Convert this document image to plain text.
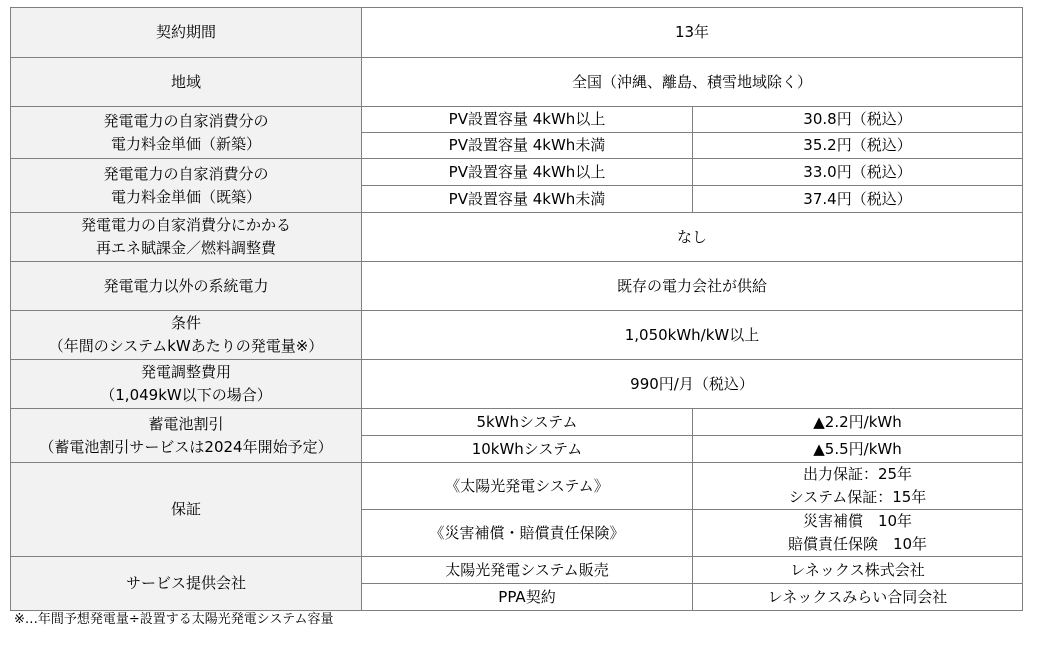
契約期間	13年	
地域	全国（沖縄、離島、積雪地域除く）	

発電電力の自家消費分の
電力料金単価（新築）	PV設置容量 4kWh以上	30.8円（税込）
	PV設置容量 4kWh未満	35.2円（税込）

発電電力の自家消費分の
電力料金単価（既築）	PV設置容量 4kWh以上	33.0円（税込）
	PV設置容量 4kWh未満	37.4円（税込）

発電電力の自家消費分にかかる
再エネ賦課金／燃料調整費	なし	
発電電力以外の系統電力	既存の電力会社が供給	

条件
（年間のシステムkWあたりの発電量※）	1,050kWh/kW以上	

発電調整費用
（1,049kW以下の場合）	990円/月（税込）	

蓄電池割引
（蓄電池割引サービスは2024年開始予定）	5kWhシステム	▲2.2円/kWh
	10kWhシステム	▲5.5円/kWh
保証	《太陽光発電システム》	出力保証：25年
システム保証：15年

	《災害補償・賠償責任保険》	災害補償　10年
賠償責任保険　10年

サービス提供会社	太陽光発電システム販売	レネックス株式会社
	PPA契約	レネックスみらい合同会社
※…年間予想発電量÷設置する太陽光発電システム容量
